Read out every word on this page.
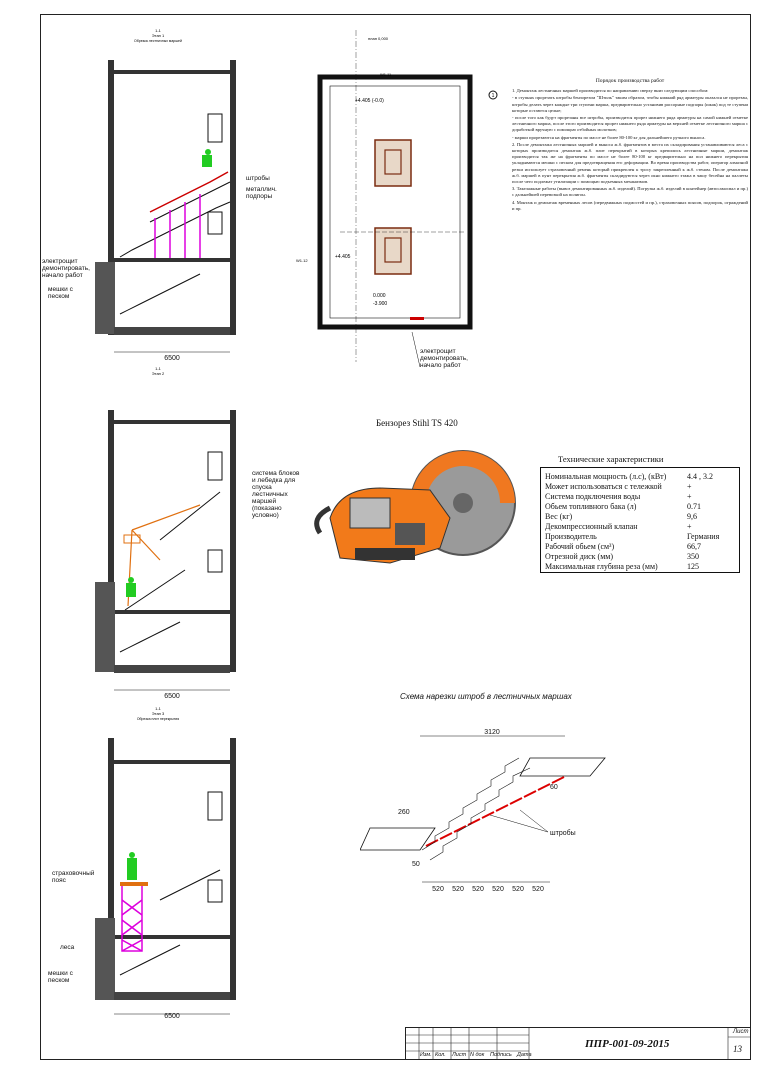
1-1
Этап 1
Обрезка лестничных маршей
6500
штробы
металлич. подпоры
электрощит демонтировать, начало работ
мешки с песком
план 0,000
+4.405 (-0.0)
+4.405
0.000
-3.900
1
W1.11
W1.12
электрощит демонтировать, начало работ
Порядок производства работ

1. Демонтаж лестничных маршей производится по направлению сверху вниз следующим способом:

- в ступнях прорезать штробы бензорезом "Штиль" таким образом, чтобы нижний ряд арматуры оказался не прорезан, штробы делать через каждые три ступени марша, предварительно установив рассорные подпоры (ижак) под те ступени которые остаются целые;

- после того как будут прорезаны все штробы, производится прорез нижнего ряда арматуры на самой нижней отметке лестничного марша, после этого производится прорез нижнего ряда арматуры на верхней отметке лестничного марша с доработкой вручную с помощью отбойных молотков;

- марши прорезаются на фрагменты по массе не более 80-100 кг для дальнейшего ручного выноса.

2. После демонтажа лестничных маршей и выноса ж.б. фрагментов в места их складирования устанавливаются леса с которых производится демонтаж ж.б. плит перекрытий в которых крепились лестничные марши, демонтаж производится так же на фрагменты по массе не более 80-100 кг предварительно на пол нижнего перекрытия укладываются мешки с песком для предотвращения его деформации. Во время производства работ, оператор алмазной резки использует страховочный ремень который прикреплен к тросу закрепленный к ж.б. стенам. После демонтажа ж.б. маршей в пунт перекрытия ж.б. фрагменты складируются через окно нижнего этажа в чашу бесейна на паллеты после чего подлежат утилизации с помощью подъемных механизмов.

3. Такелажные работы (вывоз демонтированных ж.б. изделий). Погрузка ж.б. изделий в контейнер (автосамосвал и пр.) с дальнейшей перевозкой на полигон.

4. Монтаж и демонтаж временных лесов (передвижных подмостей и пр.), страховочных поясов, подпорок, ограждений и пр.

1-1
Этап 2
6500
система блоков и лебедка для спуска лестничных маршей (показано условно)
Бензорез Stihl TS 420
Технические характеристики
Номинальная мощность (л.с), (кВт)	4.4 , 3.2
Может использоваться с тележкой	+
Система подключения воды	+
Обьем топливного бака (л)	0.71
Вес (кг)	9,6
Декомпрессионный клапан	+
Производитель	Германия
Рабочий обьем (см³)	66,7
Отрезной диск (мм)	350
Максимальная глубина реза (мм)	125
1-1
Этап 3
Обрезка плит перекрытия
6500
страховочный пояс
леса
мешки с песком
Схема нарезки штроб в лестничных маршах
3120
260
50
60
штробы
520 520 520 520 520 520
Изм. Кол. Лист N док Подпись Дата
ППР-001-09-2015
Лист
13
